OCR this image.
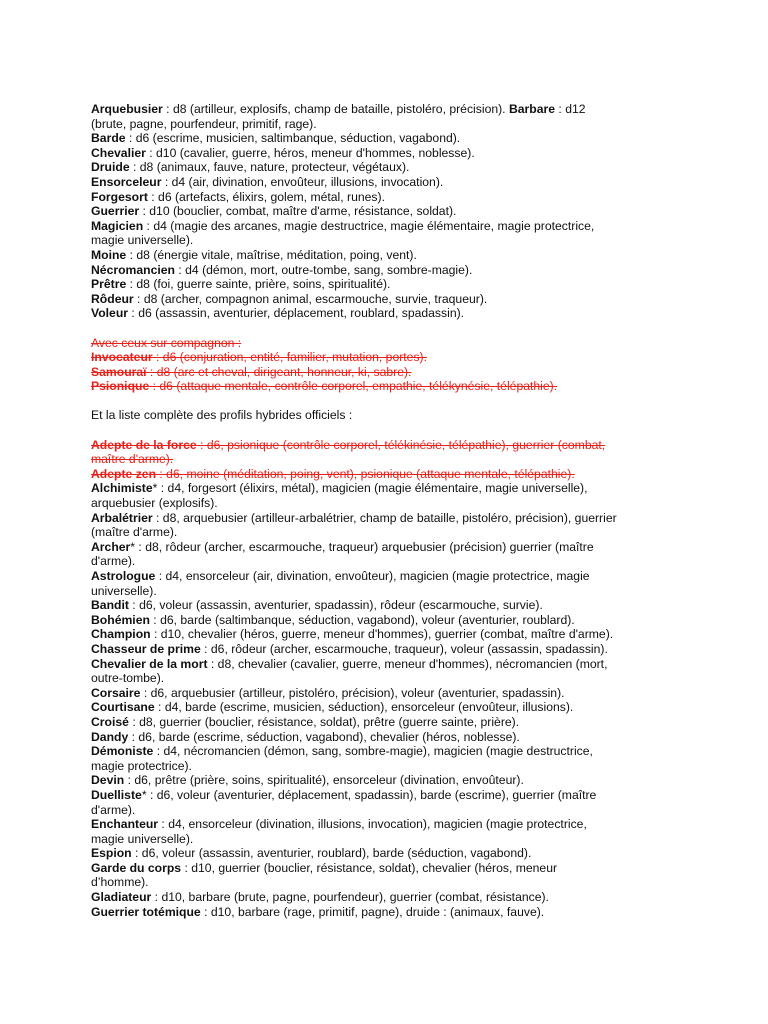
Arquebusier : d8 (artilleur, explosifs, champ de bataille, pistoléro, précision). Barbare : d12
(brute, pagne, pourfendeur, primitif, rage).
Barde : d6 (escrime, musicien, saltimbanque, séduction, vagabond).
Chevalier : d10 (cavalier, guerre, héros, meneur d'hommes, noblesse).
Druide : d8 (animaux, fauve, nature, protecteur, végétaux).
Ensorceleur : d4 (air, divination, envoûteur, illusions, invocation).
Forgesort : d6 (artefacts, élixirs, golem, métal, runes).
Guerrier : d10 (bouclier, combat, maître d'arme, résistance, soldat).
Magicien : d4 (magie des arcanes, magie destructrice, magie élémentaire, magie protectrice,
magie universelle).
Moine : d8 (énergie vitale, maîtrise, méditation, poing, vent).
Nécromancien : d4 (démon, mort, outre-tombe, sang, sombre-magie).
Prêtre : d8 (foi, guerre sainte, prière, soins, spiritualité).
Rôdeur : d8 (archer, compagnon animal, escarmouche, survie, traqueur).
Voleur : d6 (assassin, aventurier, déplacement, roublard, spadassin).
Avec ceux sur compagnon :
Invocateur : d6 (conjuration, entité, familier, mutation, portes).
Samouraï : d8 (arc et cheval, dirigeant, honneur, ki, sabre).
Psionique : d6 (attaque mentale, contrôle corporel, empathie, télékynésie, télépathie).
Et la liste complète des profils hybrides officiels :
Adepte de la force : d6, psionique (contrôle corporel, télékinésie, télépathie), guerrier (combat,
maître d'arme).
Adepte zen : d6, moine (méditation, poing, vent), psionique (attaque mentale, télépathie).
Alchimiste* : d4, forgesort (élixirs, métal), magicien (magie élémentaire, magie universelle),
arquebusier (explosifs).
Arbalétrier : d8, arquebusier (artilleur-arbalétrier, champ de bataille, pistoléro, précision), guerrier
(maître d'arme).
Archer* : d8, rôdeur (archer, escarmouche, traqueur) arquebusier (précision) guerrier (maître
d'arme).
Astrologue : d4, ensorceleur (air, divination, envoûteur), magicien (magie protectrice, magie
universelle).
Bandit : d6, voleur (assassin, aventurier, spadassin), rôdeur (escarmouche, survie).
Bohémien : d6, barde (saltimbanque, séduction, vagabond), voleur (aventurier, roublard).
Champion : d10, chevalier (héros, guerre, meneur d'hommes), guerrier (combat, maître d'arme).
Chasseur de prime : d6, rôdeur (archer, escarmouche, traqueur), voleur (assassin, spadassin).
Chevalier de la mort : d8, chevalier (cavalier, guerre, meneur d'hommes), nécromancien (mort,
outre-tombe).
Corsaire : d6, arquebusier (artilleur, pistoléro, précision), voleur (aventurier, spadassin).
Courtisane : d4, barde (escrime, musicien, séduction), ensorceleur (envoûteur, illusions).
Croisé : d8, guerrier (bouclier, résistance, soldat), prêtre (guerre sainte, prière).
Dandy : d6, barde (escrime, séduction, vagabond), chevalier (héros, noblesse).
Démoniste : d4, nécromancien (démon, sang, sombre-magie), magicien (magie destructrice,
magie protectrice).
Devin : d6, prêtre (prière, soins, spiritualité), ensorceleur (divination, envoûteur).
Duelliste* : d6, voleur (aventurier, déplacement, spadassin), barde (escrime), guerrier (maître
d'arme).
Enchanteur : d4, ensorceleur (divination, illusions, invocation), magicien (magie protectrice,
magie universelle).
Espion : d6, voleur (assassin, aventurier, roublard), barde (séduction, vagabond).
Garde du corps : d10, guerrier (bouclier, résistance, soldat), chevalier (héros, meneur
d’homme).
Gladiateur : d10, barbare (brute, pagne, pourfendeur), guerrier (combat, résistance).
Guerrier totémique : d10, barbare (rage, primitif, pagne), druide : (animaux, fauve).
